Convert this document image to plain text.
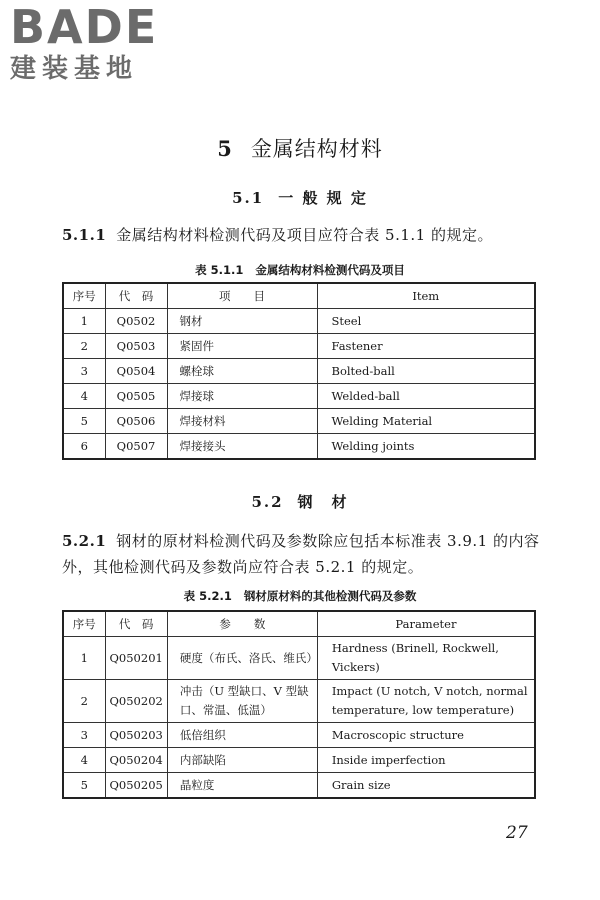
BADE
建装基地
5 金属结构材料
5.1 一 般 规 定
5.1.1 金属结构材料检测代码及项目应符合表 5.1.1 的规定。
表 5.1.1 金属结构材料检测代码及项目
序号	代　码	项　　目	Item
1	Q0502	钢材	Steel
2	Q0503	紧固件	Fastener
3	Q0504	螺栓球	Bolted-ball
4	Q0505	焊接球	Welded-ball
5	Q0506	焊接材料	Welding Material
6	Q0507	焊接接头	Welding joints
5.2 钢　材
5.2.1 钢材的原材料检测代码及参数除应包括本标准表 3.9.1 的内容外，其他检测代码及参数尚应符合表 5.2.1 的规定。
表 5.2.1 钢材原材料的其他检测代码及参数
序号	代　码	参　　数	Parameter
1	Q050201	硬度（布氏、洛氏、维氏）	Hardness (Brinell, Rockwell, Vickers)
2	Q050202	冲击（U 型缺口、V 型缺口、常温、低温）	Impact (U notch, V notch, normal temperature, low temperature)
3	Q050203	低倍组织	Macroscopic structure
4	Q050204	内部缺陷	Inside imperfection
5	Q050205	晶粒度	Grain size
27
